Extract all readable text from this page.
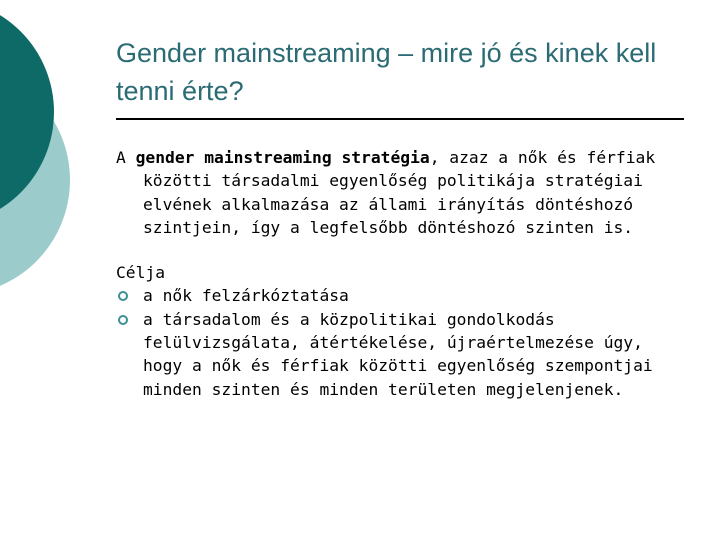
Gender mainstreaming – mire jó és kinek kell tenni érte?

A gender mainstreaming stratégia, azaz a nők és férfiak közötti társadalmi egyenlőség politikája stratégiai elvének alkalmazása az állami irányítás döntéshozó szintjein, így a legfelsőbb döntéshozó szinten is.

Célja

a nők felzárkóztatása
a társadalom és a közpolitikai gondolkodás felülvizsgálata, átértékelése, újraértelmezése úgy, hogy a nők és férfiak közötti egyenlőség szempontjai minden szinten és minden területen megjelenjenek.
